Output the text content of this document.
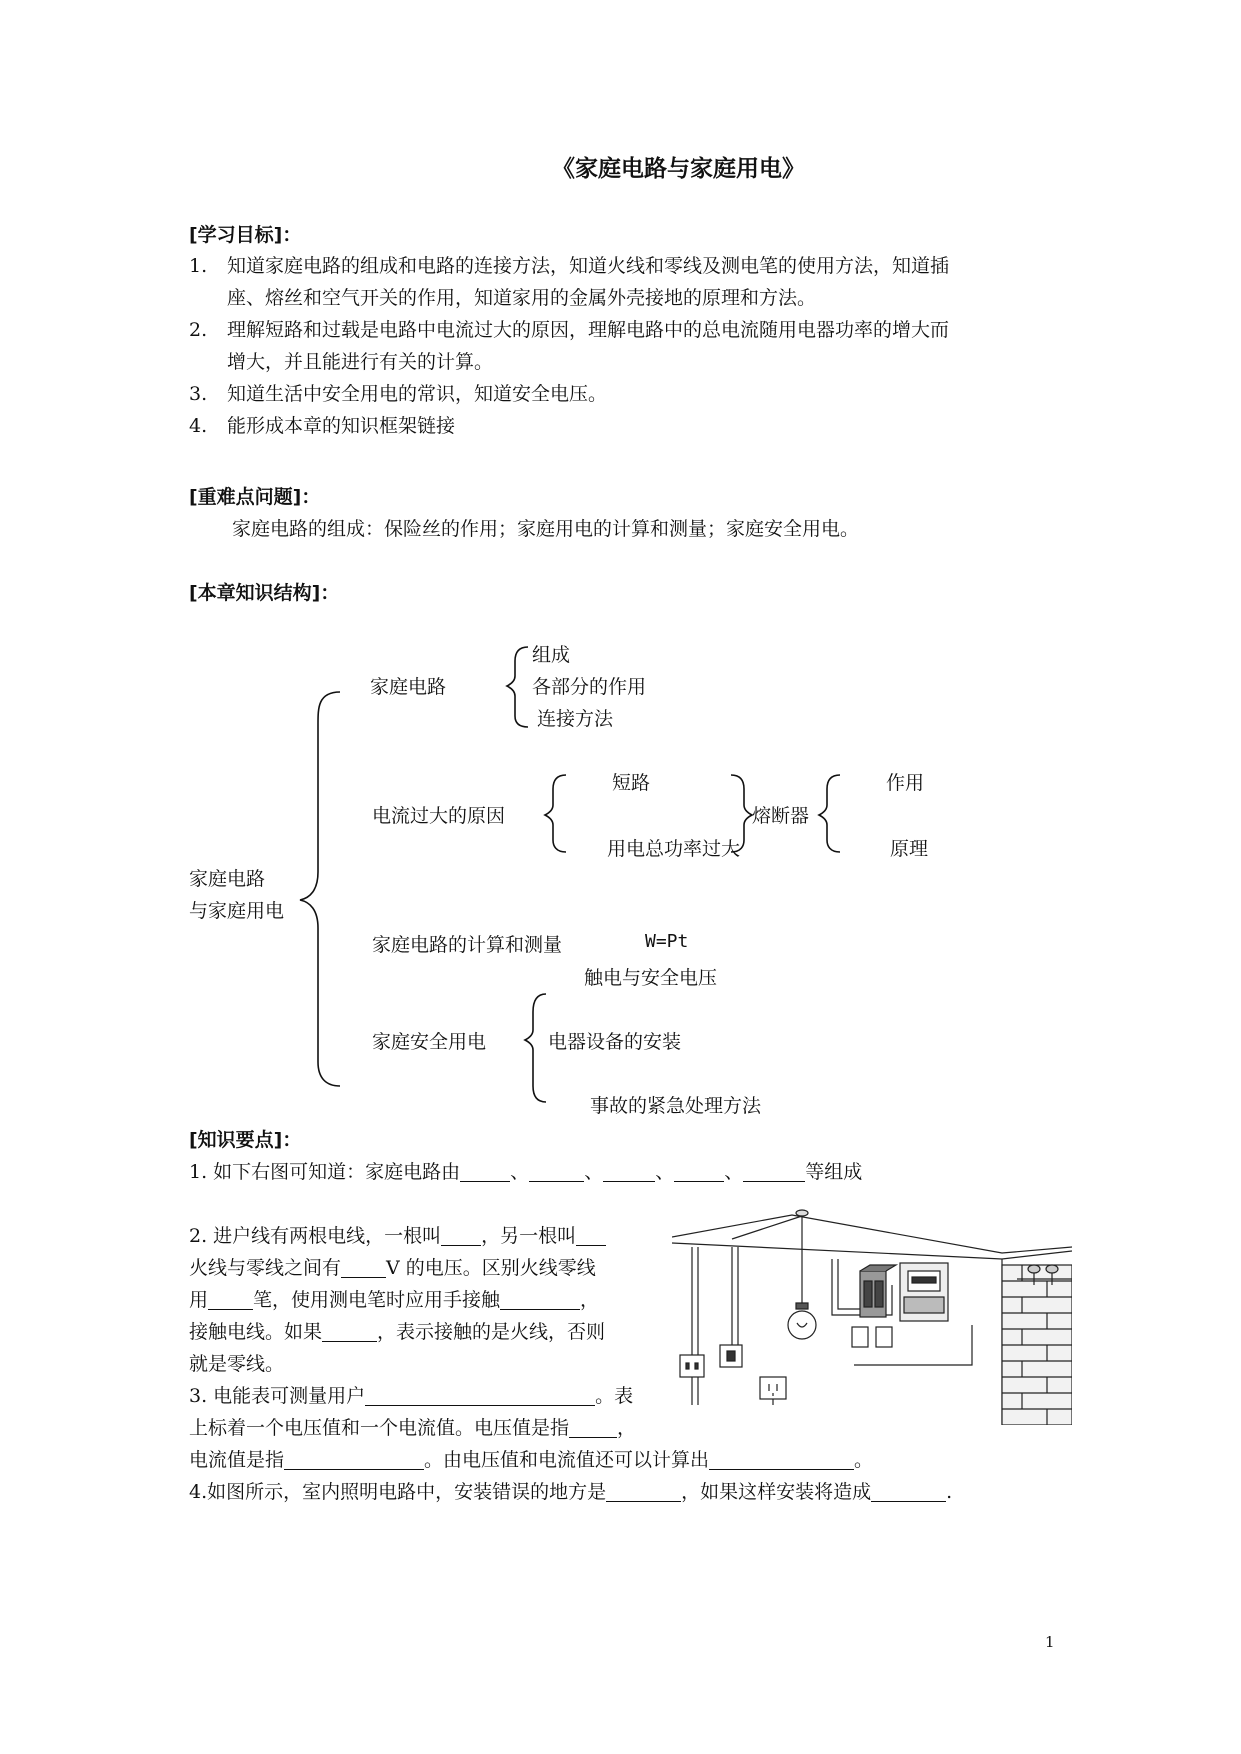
《家庭电路与家庭用电》
[学习目标]：
1. 知道家庭电路的组成和电路的连接方法，知道火线和零线及测电笔的使用方法，知道插
座、熔丝和空气开关的作用，知道家用的金属外壳接地的原理和方法。
2. 理解短路和过载是电路中电流过大的原因，理解电路中的总电流随用电器功率的增大而
增大，并且能进行有关的计算。
3. 知道生活中安全用电的常识，知道安全电压。
4. 能形成本章的知识框架链接
[重难点问题]：
家庭电路的组成：保险丝的作用；家庭用电的计算和测量；家庭安全用电。
[本章知识结构]：
家庭电路
与家庭用电
家庭电路
组成
各部分的作用
连接方法
电流过大的原因
短路
用电总功率过大
熔断器
作用
原理
家庭电路的计算和测量	W=Pt
家庭安全用电
触电与安全电压
电器设备的安装
事故的紧急处理方法
[知识要点]：
1. 如下右图可知道：家庭电路由	、	、	、	、	等组成
2. 进户线有两根电线，一根叫 ，另一根叫
火线与零线之间有 V 的电压。区别火线零线
用 笔，使用测电笔时应用手接触	，
接触电线。如果	，表示接触的是火线，否则
就是零线。
3. 电能表可测量用户	。表
上标着一个电压值和一个电流值。电压值是指	，
电流值是指	。由电压值和电流值还可以计算出	。
4.如图所示，室内照明电路中，安装错误的地方是	，如果这样安装将造成	.
1
